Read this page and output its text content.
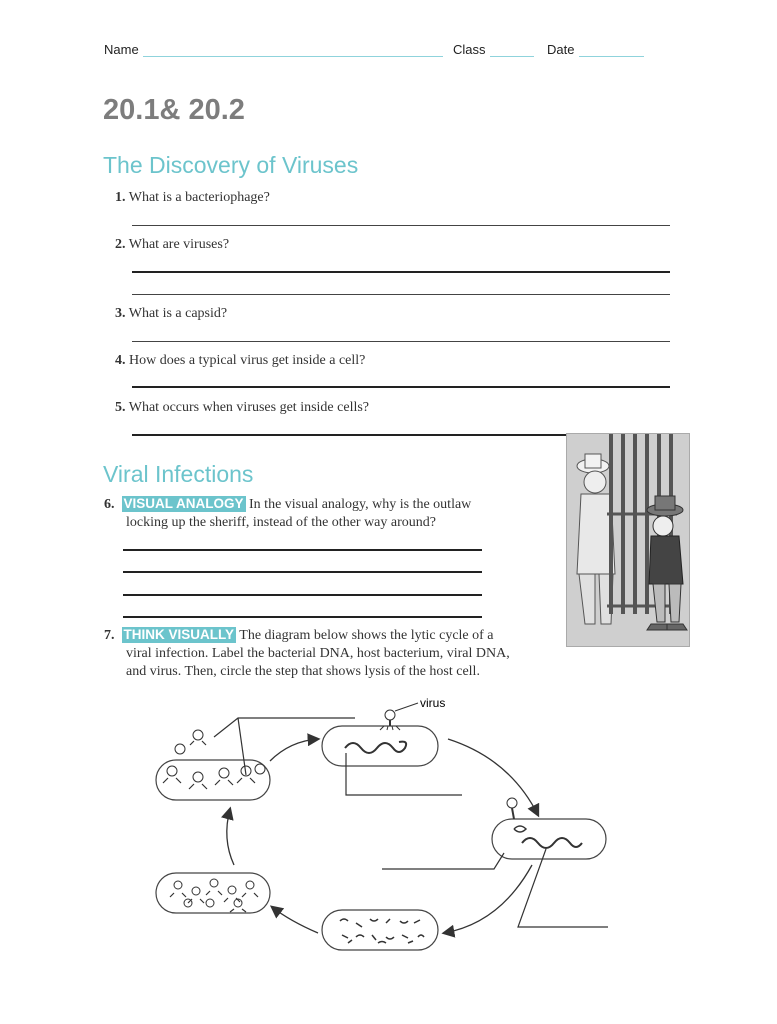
Name	Class	Date
20.1& 20.2
The Discovery of Viruses
1. What is a bacteriophage?
2. What are viruses?
3. What is a capsid?
4. How does a typical virus get inside a cell?
5. What occurs when viruses get inside cells?
Viral Infections
6. VISUAL ANALOGY In the visual analogy, why is the outlaw
locking up the sheriff, instead of the other way around?
7. THINK VISUALLY The diagram below shows the lytic cycle of a
viral infection. Label the bacterial DNA, host bacterium, viral DNA,
and virus. Then, circle the step that shows lysis of the host cell.
virus
